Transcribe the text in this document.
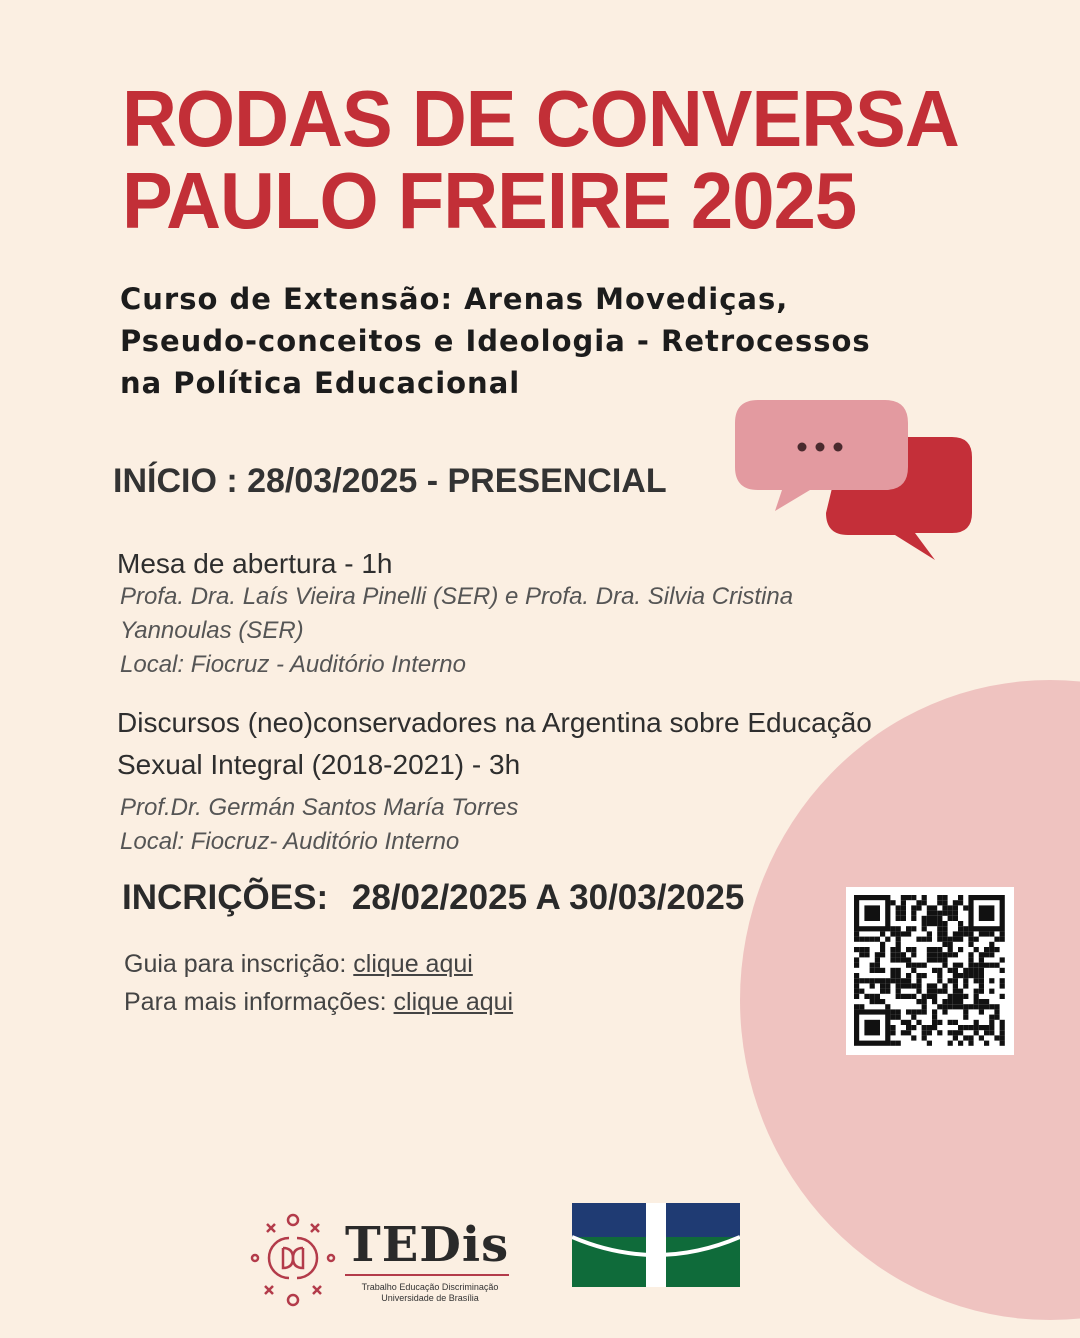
RODAS DE CONVERSA
PAULO FREIRE 2025
Curso de Extensão: Arenas Movediças,
Pseudo-conceitos e Ideologia - Retrocessos
na Política Educacional
INÍCIO : 28/03/2025 - PRESENCIAL
Mesa de abertura - 1h
Profa. Dra. Laís Vieira Pinelli (SER) e Profa. Dra. Silvia Cristina
Yannoulas (SER)
Local: Fiocruz - Auditório Interno
Discursos (neo)conservadores na Argentina sobre Educação
Sexual Integral (2018-2021) - 3h
Prof.Dr. Germán Santos María Torres
Local: Fiocruz- Auditório Interno
INCRIÇÕES: 28/02/2025 A 30/03/2025
Guia para inscrição: clique aqui
Para mais informações: clique aqui
TEDis
Trabalho Educação Discriminação
Universidade de Brasília
